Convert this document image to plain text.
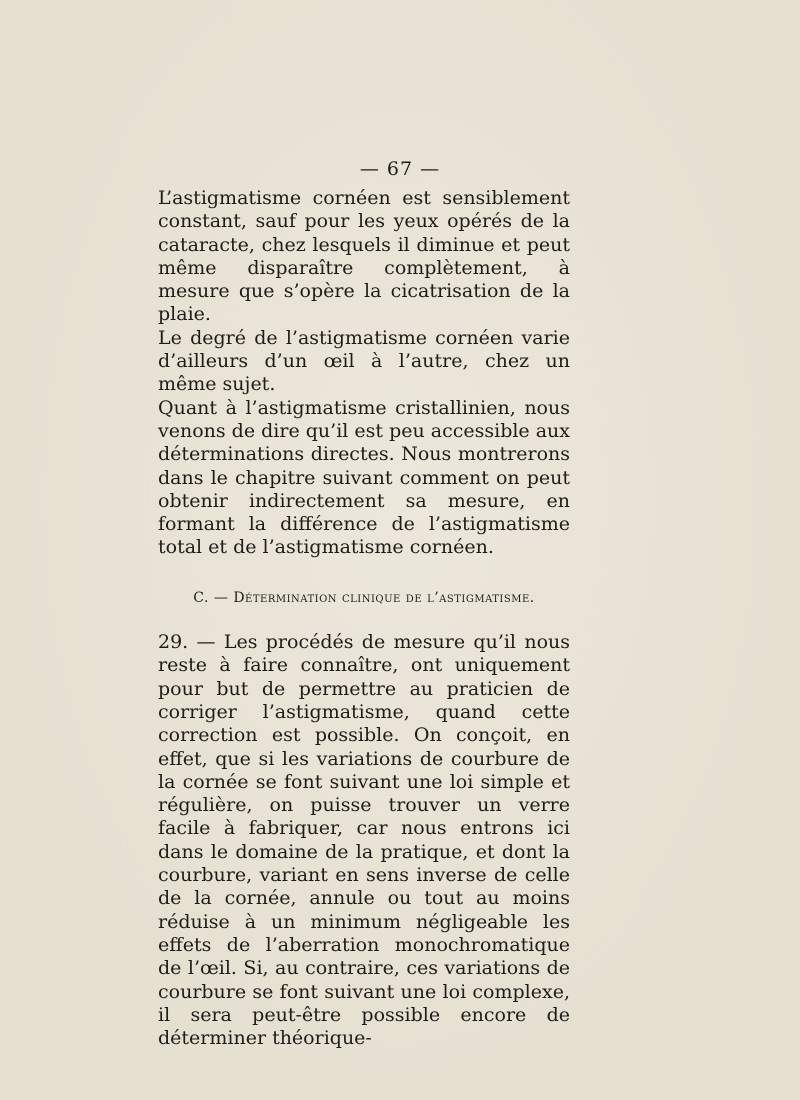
— 67 —

L’astigmatisme cornéen est sensiblement constant, sauf pour les yeux opérés de la cataracte, chez lesquels il diminue et peut même disparaître complètement, à mesure que s’opère la cicatrisation de la plaie.

Le degré de l’astigmatisme cornéen varie d’ailleurs d’un œil à l’autre, chez un même sujet.

Quant à l’astigmatisme cristallinien, nous venons de dire qu’il est peu accessible aux déterminations directes. Nous montrerons dans le chapitre suivant comment on peut obtenir indirectement sa mesure, en formant la différence de l’astigmatisme total et de l’astigmatisme cornéen.

C. — Détermination clinique de l’astigmatisme.

29. — Les procédés de mesure qu’il nous reste à faire connaître, ont uniquement pour but de permettre au praticien de corriger l’astigmatisme, quand cette correction est possible. On conçoit, en effet, que si les variations de courbure de la cornée se font suivant une loi simple et régulière, on puisse trouver un verre facile à fabriquer, car nous entrons ici dans le domaine de la pratique, et dont la courbure, variant en sens inverse de celle de la cornée, annule ou tout au moins réduise à un minimum négligeable les effets de l’aberration monochromatique de l’œil. Si, au contraire, ces variations de courbure se font suivant une loi complexe, il sera peut-être possible encore de déterminer théorique-
